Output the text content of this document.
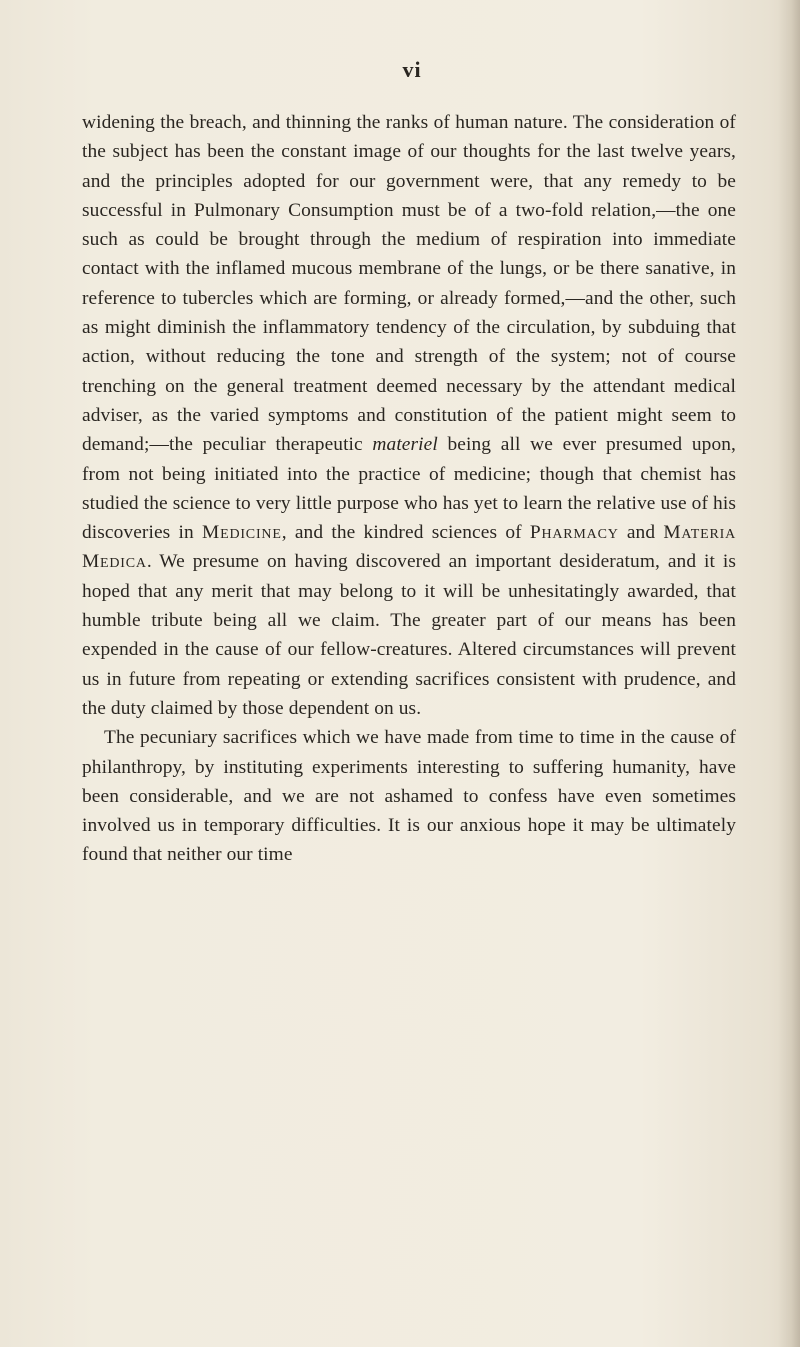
vi

widening the breach, and thinning the ranks of human nature. The consideration of the subject has been the constant image of our thoughts for the last twelve years, and the principles adopted for our government were, that any remedy to be successful in Pulmonary Consumption must be of a two-fold relation,—the one such as could be brought through the medium of respiration into immediate contact with the inflamed mucous membrane of the lungs, or be there sanative, in reference to tubercles which are forming, or already formed,—and the other, such as might diminish the inflammatory tendency of the circulation, by subduing that action, without reducing the tone and strength of the system; not of course trenching on the general treatment deemed necessary by the attendant medical adviser, as the varied symptoms and constitution of the patient might seem to demand;—the peculiar therapeutic materiel being all we ever presumed upon, from not being initiated into the practice of medicine; though that chemist has studied the science to very little purpose who has yet to learn the relative use of his discoveries in Medicine, and the kindred sciences of Pharmacy and Materia Medica. We presume on having discovered an important desideratum, and it is hoped that any merit that may belong to it will be unhesitatingly awarded, that humble tribute being all we claim. The greater part of our means has been expended in the cause of our fellow-creatures. Altered circumstances will prevent us in future from repeating or extending sacrifices consistent with prudence, and the duty claimed by those dependent on us.

The pecuniary sacrifices which we have made from time to time in the cause of philanthropy, by instituting experiments interesting to suffering humanity, have been considerable, and we are not ashamed to confess have even sometimes involved us in temporary difficulties. It is our anxious hope it may be ultimately found that neither our time
